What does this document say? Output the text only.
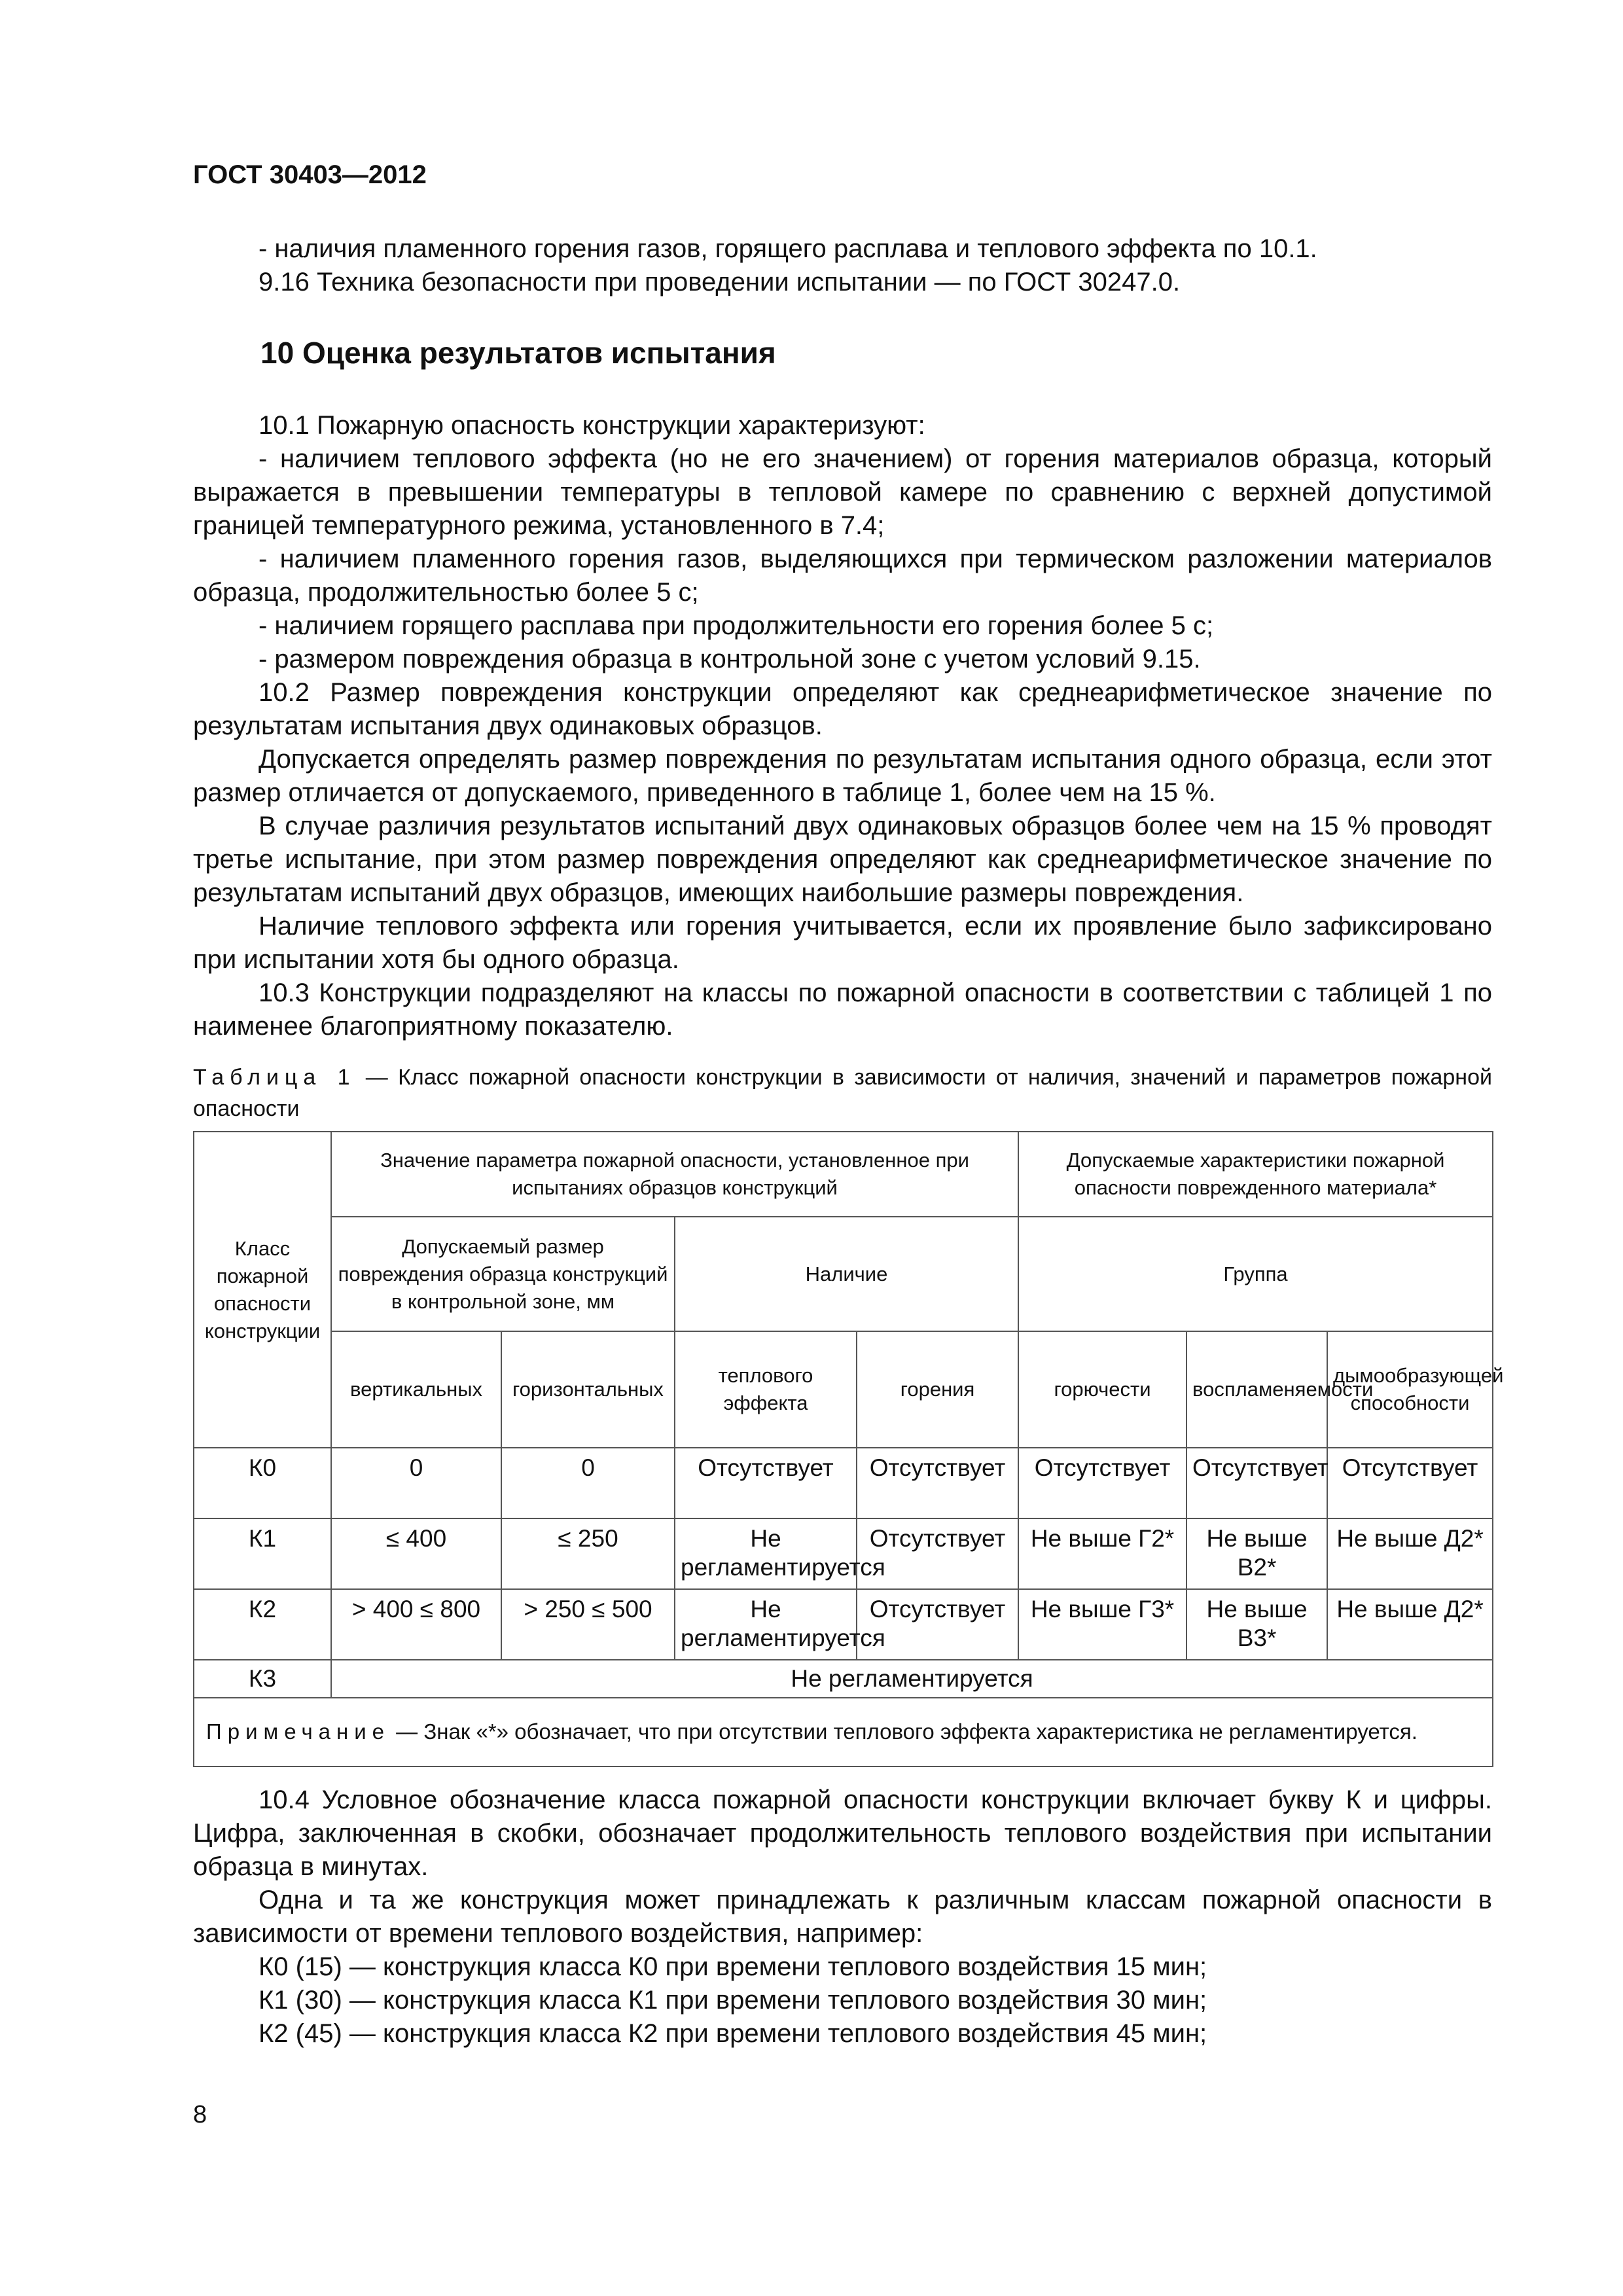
ГОСТ 30403—2012

- наличия пламенного горения газов, горящего расплава и теплового эффекта по 10.1.

9.16 Техника безопасности при проведении испытании — по ГОСТ 30247.0.

10 Оценка результатов испытания

10.1 Пожарную опасность конструкции характеризуют:

- наличием теплового эффекта (но не его значением) от горения материалов образца, который выражается в превышении температуры в тепловой камере по сравнению с верхней допустимой границей температурного режима, установленного в 7.4;

- наличием пламенного горения газов, выделяющихся при термическом разложении материалов образца, продолжительностью более 5 с;

- наличием горящего расплава при продолжительности его горения более 5 с;

- размером повреждения образца в контрольной зоне с учетом условий 9.15.

10.2 Размер повреждения конструкции определяют как среднеарифметическое значение по результатам испытания двух одинаковых образцов.

Допускается определять размер повреждения по результатам испытания одного образца, если этот размер отличается от допускаемого, приведенного в таблице 1, более чем на 15 %.

В случае различия результатов испытаний двух одинаковых образцов более чем на 15 % проводят третье испытание, при этом размер повреждения определяют как среднеарифметическое значение по результатам испытаний двух образцов, имеющих наибольшие размеры повреждения.

Наличие теплового эффекта или горения учитывается, если их проявление было зафиксировано при испытании хотя бы одного образца.

10.3 Конструкции подразделяют на классы по пожарной опасности в соответствии с таблицей 1 по наименее благоприятному показателю.

Таблица 1 — Класс пожарной опасности конструкции в зависимости от наличия, значений и параметров пожарной опасности
Класс пожарной опасности конструкции	Значение параметра пожарной опасности, установленное при испытаниях образцов конструкций				Допускаемые характеристики пожарной опасности поврежденного материала*		
	Допускаемый размер повреждения образца конструкций в контрольной зоне, мм		Наличие		Группа		
	вертикальных	горизонтальных	теплового эффекта	горения	горючести	воспламеняемости	дымообразующей способности
К0	0	0	Отсутствует	Отсутствует	Отсутствует	Отсутствует	Отсутствует
К1	≤ 400	≤ 250	Не регламентируется	Отсутствует	Не выше Г2*	Не выше В2*	Не выше Д2*
К2	> 400 ≤ 800	> 250 ≤ 500	Не регламентируется	Отсутствует	Не выше Г3*	Не выше В3*	Не выше Д2*
К3	Не регламентируется						
Примечание — Знак «*» обозначает, что при отсутствии теплового эффекта характеристика не регламентируется.							

10.4 Условное обозначение класса пожарной опасности конструкции включает букву К и цифры. Цифра, заключенная в скобки, обозначает продолжительность теплового воздействия при испытании образца в минутах.

Одна и та же конструкция может принадлежать к различным классам пожарной опасности в зависимости от времени теплового воздействия, например:

К0 (15) — конструкция класса К0 при времени теплового воздействия 15 мин;

К1 (30) — конструкция класса К1 при времени теплового воздействия 30 мин;

К2 (45) — конструкция класса К2 при времени теплового воздействия 45 мин;

8
